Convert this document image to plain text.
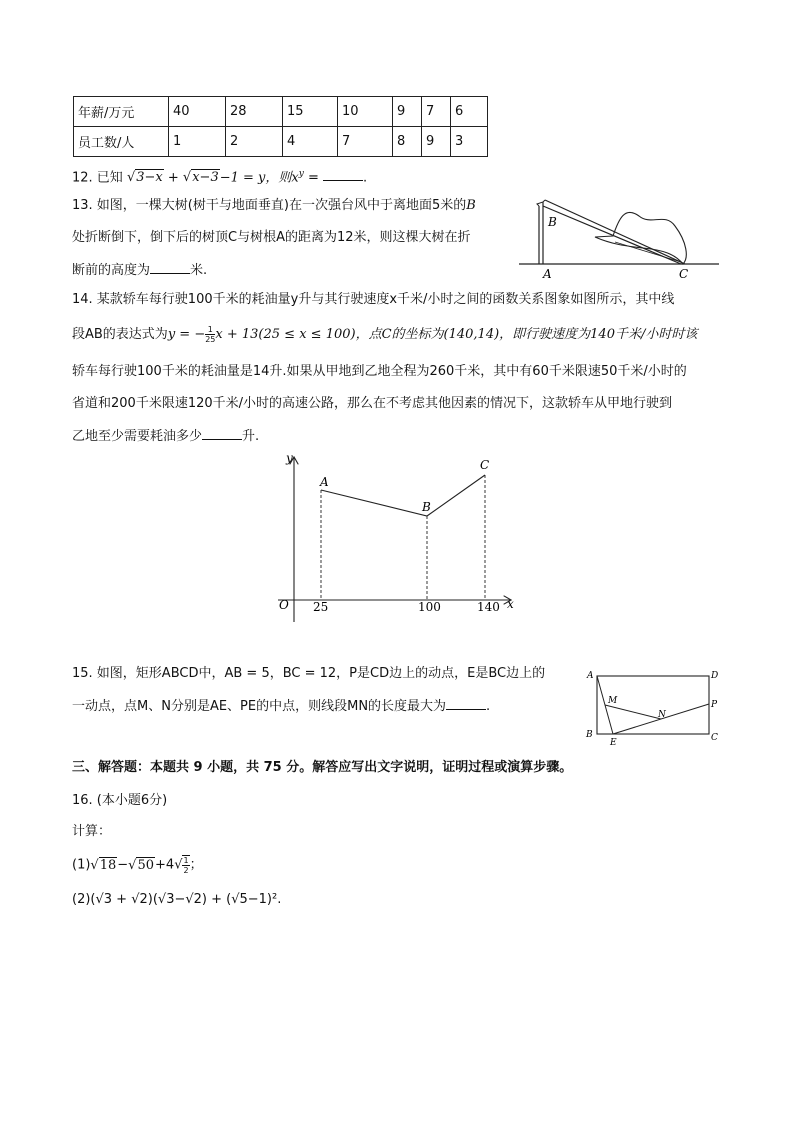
年薪/万元	40	28	15	10	9	7	6
员工数/人	1	2	4	7	8	9	3
12. 已知 √3−x + √x−3−1 = y，则$x^y$ =	.
13. 如图，一棵大树(树干与地面垂直)在一次强台风中于离地面5米的B
处折断倒下，倒下后的树顶C与树根A的距离为12米，则这棵大树在折
断前的高度为	米.
B
A	C
14. 某款轿车每行驶100千米的耗油量y升与其行驶速度x千米/小时之间的函数关系图象如图所示，其中线
段AB的表达式为y = − $\frac{1}{25}$ x + 13(25 ≤ x ≤ 100)，点C的坐标为(140,14)，即行驶速度为140千米/小时时该
轿车每行驶100千米的耗油量是14升.如果从甲地到乙地全程为260千米，其中有60千米限速50千米/小时的
省道和200千米限速120千米/小时的高速公路，那么在不考虑其他因素的情况下，这款轿车从甲地行驶到
乙地至少需要耗油多少	升.
y
x
O 25	100	140
A
B
C
15. 如图，矩形ABCD中，AB = 5，BC = 12，P是CD边上的动点，E是BC边上的
一动点，点M、N分别是AE、PE的中点，则线段MN的长度最大为	.
A	D
B	C
E
M
N
P
三、解答题：本题共 9 小题，共 75 分。解答应写出文字说明，证明过程或演算步骤。
16. (本小题6分)
计算：
$(1)√18-√50+4√ \frac{1}{2}$ ；
(2)(√3 + √2)(√3−√2) + (√5−1)².
